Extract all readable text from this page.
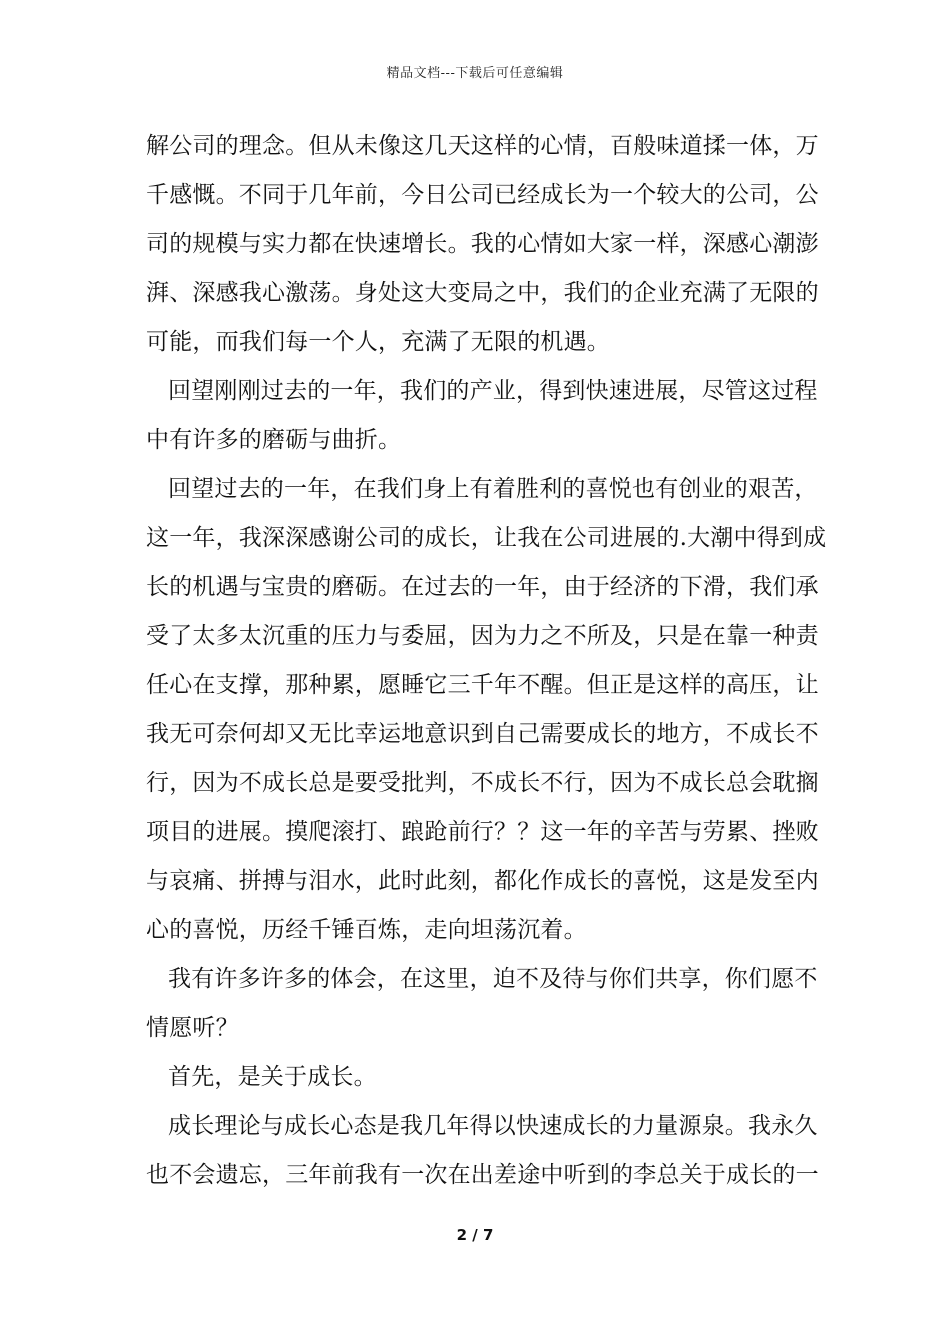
精品文档---下载后可任意编辑
解公司的理念。但从未像这几天这样的心情，百般味道揉一体，万
千感慨。不同于几年前，今日公司已经成长为一个较大的公司，公
司的规模与实力都在快速增长。我的心情如大家一样，深感心潮澎
湃、深感我心激荡。身处这大变局之中，我们的企业充满了无限的
可能，而我们每一个人，充满了无限的机遇。
回望刚刚过去的一年，我们的产业，得到快速进展，尽管这过程
中有许多的磨砺与曲折。
回望过去的一年，在我们身上有着胜利的喜悦也有创业的艰苦，
这一年，我深深感谢公司的成长，让我在公司进展的.大潮中得到成
长的机遇与宝贵的磨砺。在过去的一年，由于经济的下滑，我们承
受了太多太沉重的压力与委屈，因为力之不所及，只是在靠一种责
任心在支撑，那种累，愿睡它三千年不醒。但正是这样的高压，让
我无可奈何却又无比幸运地意识到自己需要成长的地方，不成长不
行，因为不成长总是要受批判，不成长不行，因为不成长总会耽搁
项目的进展。摸爬滚打、踉跄前行？？这一年的辛苦与劳累、挫败
与哀痛、拼搏与泪水，此时此刻，都化作成长的喜悦，这是发至内
心的喜悦，历经千锤百炼，走向坦荡沉着。
我有许多许多的体会，在这里，迫不及待与你们共享，你们愿不
情愿听？
首先，是关于成长。
成长理论与成长心态是我几年得以快速成长的力量源泉。我永久
也不会遗忘，三年前我有一次在出差途中听到的李总关于成长的一
2 / 7
